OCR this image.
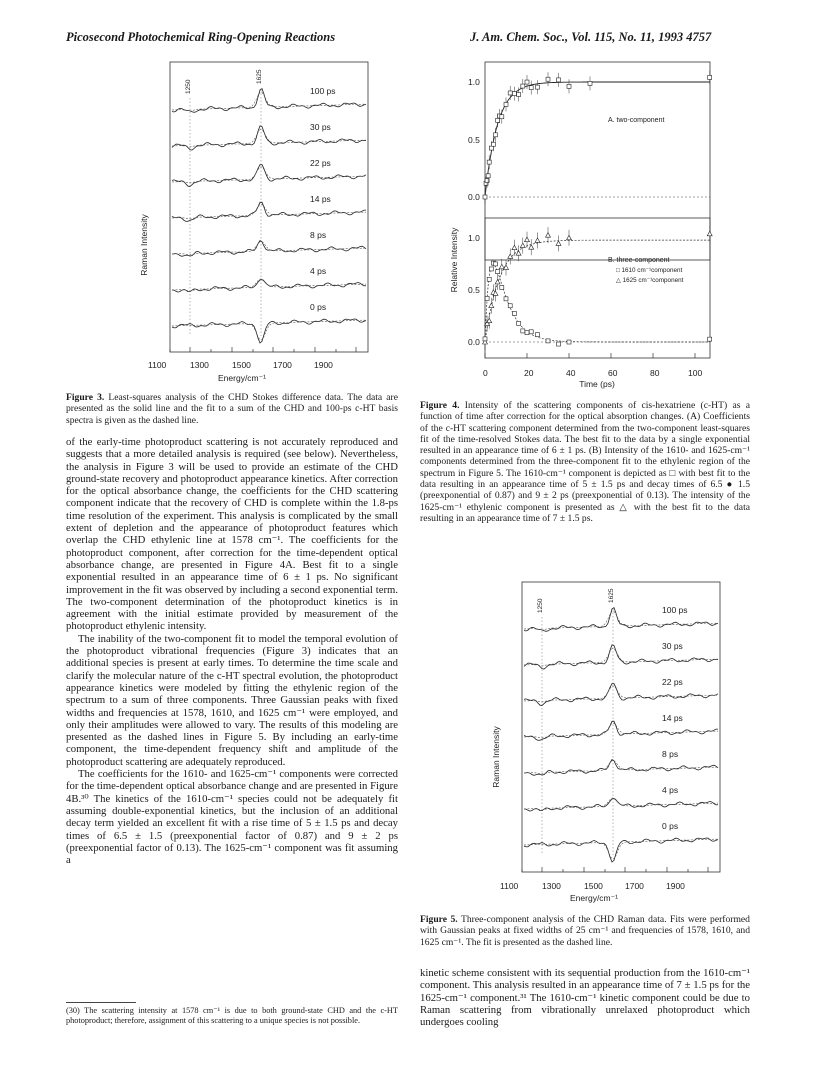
Picosecond Photochemical Ring-Opening Reactions	J. Am. Chem. Soc., Vol. 115, No. 11, 1993 4757
Raman Intensity
100 ps
30 ps
22 ps
14 ps
8 ps
4 ps
0 ps
1250
1625
1100	1300	1500	1700	1900
Energy/cm⁻¹
Figure 3. Least-squares analysis of the CHD Stokes difference data. The data are presented as the solid line and the fit to a sum of the CHD and 100-ps c-HT basis spectra is given as the dashed line.

of the early-time photoproduct scattering is not accurately reproduced and suggests that a more detailed analysis is required (see below). Nevertheless, the analysis in Figure 3 will be used to provide an estimate of the CHD ground-state recovery and photoproduct appearance kinetics. After correction for the optical absorbance change, the coefficients for the CHD scattering component indicate that the recovery of CHD is complete within the 1.8-ps time resolution of the experiment. This analysis is complicated by the small extent of depletion and the appearance of photoproduct features which overlap the CHD ethylenic line at 1578 cm⁻¹. The coefficients for the photoproduct component, after correction for the time-dependent optical absorbance change, are presented in Figure 4A. Best fit to a single exponential resulted in an appearance time of 6 ± 1 ps. No significant improvement in the fit was observed by including a second exponential term. The two-component determination of the photoproduct kinetics is in agreement with the initial estimate provided by measurement of the photoproduct ethylenic intensity.

The inability of the two-component fit to model the temporal evolution of the photoproduct vibrational frequencies (Figure 3) indicates that an additional species is present at early times. To determine the time scale and clarify the molecular nature of the c-HT spectral evolution, the photoproduct appearance kinetics were modeled by fitting the ethylenic region of the spectrum to a sum of three components. Three Gaussian peaks with fixed widths and frequencies at 1578, 1610, and 1625 cm⁻¹ were employed, and only their amplitudes were allowed to vary. The results of this modeling are presented as the dashed lines in Figure 5. By including an early-time component, the time-dependent frequency shift and amplitude of the photoproduct scattering are adequately reproduced.

The coefficients for the 1610- and 1625-cm⁻¹ components were corrected for the time-dependent optical absorbance change and are presented in Figure 4B.³⁰ The kinetics of the 1610-cm⁻¹ species could not be adequately fit assuming double-exponential kinetics, but the inclusion of an additional decay term yielded an excellent fit with a rise time of 5 ± 1.5 ps and decay times of 6.5 ± 1.5 (preexponential factor of 0.87) and 9 ± 2 ps (preexponential factor of 0.13). The 1625-cm⁻¹ component was fit assuming a

(30) The scattering intensity at 1578 cm⁻¹ is due to both ground-state CHD and the c-HT photoproduct; therefore, assignment of this scattering to a unique species is not possible.
Relative Intensity
1.0
0.5
0.0
1.0
0.5
0.0
A. two-component
B. three-component
□ 1610 cm⁻¹component
△ 1625 cm⁻¹component
0	20	40	60	80	100
Time (ps)
Figure 4. Intensity of the scattering components of cis-hexatriene (c-HT) as a function of time after correction for the optical absorption changes. (A) Coefficients of the c-HT scattering component determined from the two-component least-squares fit of the time-resolved Stokes data. The best fit to the data by a single exponential resulted in an appearance time of 6 ± 1 ps. (B) Intensity of the 1610- and 1625-cm⁻¹ components determined from the three-component fit to the ethylenic region of the spectrum in Figure 5. The 1610-cm⁻¹ component is depicted as □ with best fit to the data resulting in an appearance time of 5 ± 1.5 ps and decay times of 6.5 ● 1.5 (preexponential of 0.87) and 9 ± 2 ps (preexponential of 0.13). The intensity of the 1625-cm⁻¹ ethylenic component is presented as △ with the best fit to the data resulting in an appearance time of 7 ± 1.5 ps.
Raman Intensity
100 ps
30 ps
22 ps
14 ps
8 ps
4 ps
0 ps
1250
1625
1100	1300	1500	1700	1900
Energy/cm⁻¹
Figure 5. Three-component analysis of the CHD Raman data. Fits were performed with Gaussian peaks at fixed widths of 25 cm⁻¹ and frequencies of 1578, 1610, and 1625 cm⁻¹. The fit is presented as the dashed line.

kinetic scheme consistent with its sequential production from the 1610-cm⁻¹ component. This analysis resulted in an appearance time of 7 ± 1.5 ps for the 1625-cm⁻¹ component.³¹ The 1610-cm⁻¹ kinetic component could be due to Raman scattering from vibrationally unrelaxed photoproduct which undergoes cooling
